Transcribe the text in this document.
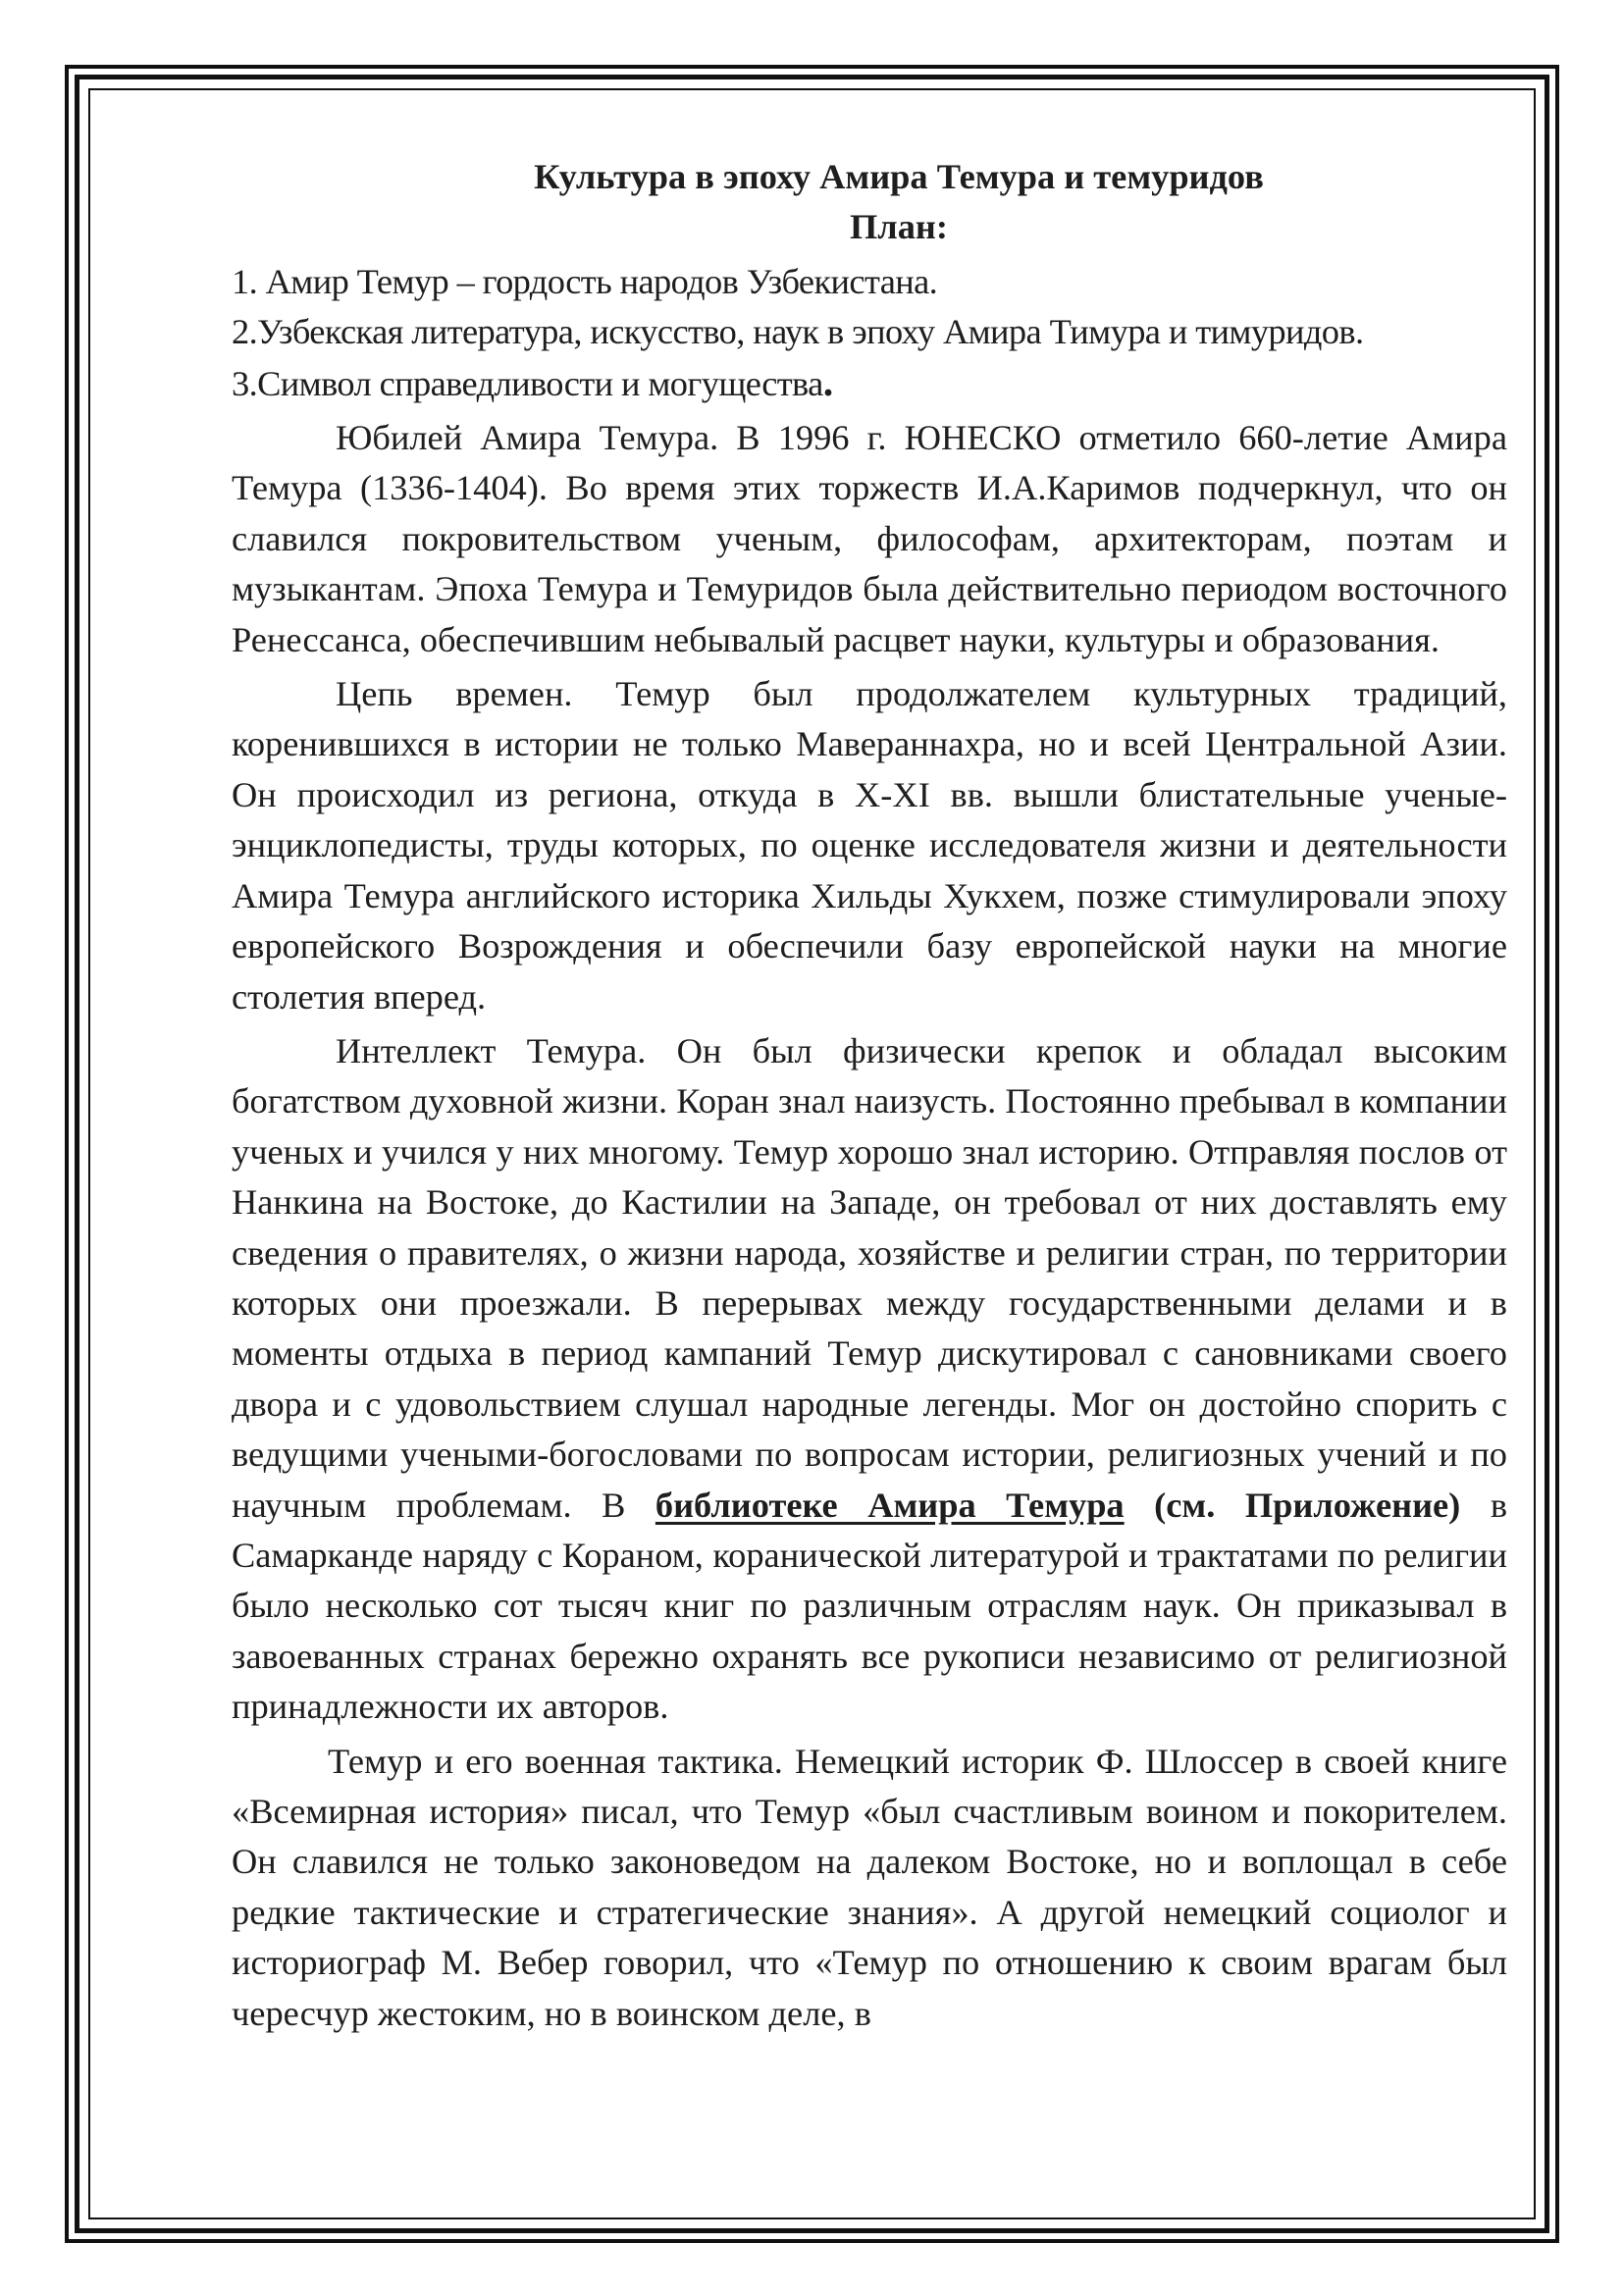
Культура в эпоху Амира Темура и темуридов

План:

1. Амир Темур – гордость народов Узбекистана.
2.Узбекская литература, искусство, наук в эпоху Амира Тимура и тимуридов.
3.Символ справедливости и могущества.

Юбилей Амира Темура. В 1996 г. ЮНЕСКО отметило 660-летие Амира Темура (1336-1404). Во время этих торжеств И.А.Каримов подчеркнул, что он славился покровительством ученым, философам, архитекторам, поэтам и музыкантам. Эпоха Темура и Темуридов была действительно периодом восточного Ренессанса, обеспечившим небывалый расцвет науки, культуры и образования.

Цепь времен. Темур был продолжателем культурных традиций, коренившихся в истории не только Мавераннахра, но и всей Центральной Азии. Он происходил из региона, откуда в X-XI вв. вышли блистательные ученые-энциклопедисты, труды которых, по оценке исследователя жизни и деятельности Амира Темура английского историка Хильды Хукхем, позже стимулировали эпоху европейского Возрождения и обеспечили базу европейской науки на многие столетия вперед.

Интеллект Темура. Он был физически крепок и обладал высоким богатством духовной жизни. Коран знал наизусть. Постоянно пребывал в компании ученых и учился у них многому. Темур хорошо знал историю. Отправляя послов от Нанкина на Востоке, до Кастилии на Западе, он требовал от них доставлять ему сведения о правителях, о жизни народа, хозяйстве и религии стран, по территории которых они проезжали. В перерывах между государственными делами и в моменты отдыха в период кампаний Темур дискутировал с сановниками своего двора и с удовольствием слушал народные легенды. Мог он достойно спорить с ведущими учеными-богословами по вопросам истории, религиозных учений и по научным проблемам. В библиотеке Амира Темура (см. Приложение) в Самарканде наряду с Кораном, коранической литературой и трактатами по религии было несколько сот тысяч книг по различным отраслям наук. Он приказывал в завоеванных странах бережно охранять все рукописи независимо от религиозной принадлежности их авторов.

Темур и его военная тактика. Немецкий историк Ф. Шлоссер в своей книге «Всемирная история» писал, что Темур «был счастливым воином и покорителем. Он славился не только законоведом на далеком Востоке, но и воплощал в себе редкие тактические и стратегические знания». А другой немецкий социолог и историограф М. Вебер говорил, что «Темур по отношению к своим врагам был чересчур жестоким, но в воинском деле, в
